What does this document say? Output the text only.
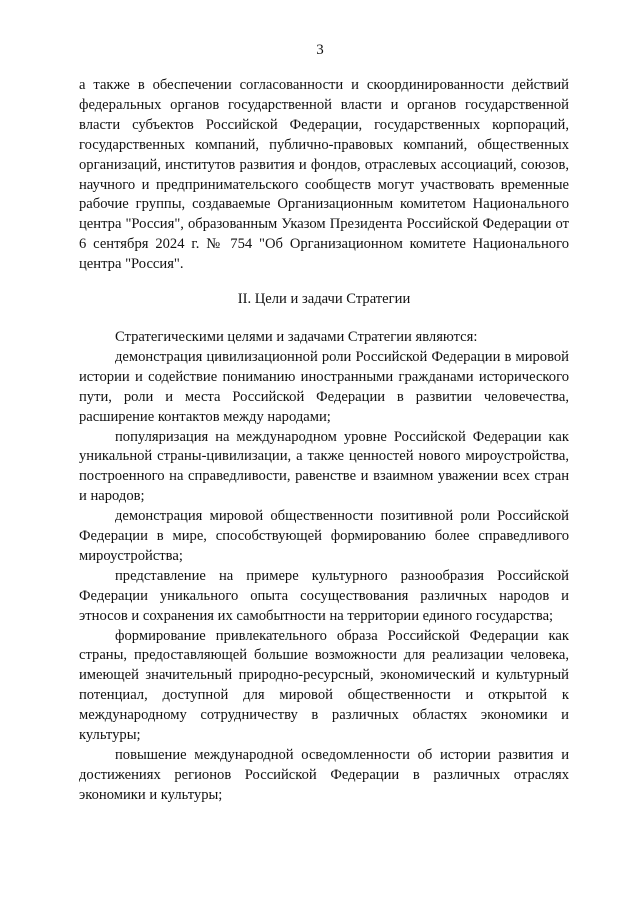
3

а также в обеспечении согласованности и скоординированности действий федеральных органов государственной власти и органов государственной власти субъектов Российской Федерации, государственных корпораций, государственных компаний, публично-правовых компаний, общественных организаций, институтов развития и фондов, отраслевых ассоциаций, союзов, научного и предпринимательского сообществ могут участвовать временные рабочие группы, создаваемые Организационным комитетом Национального центра "Россия", образованным Указом Президента Российской Федерации от 6 сентября 2024 г. № 754 "Об Организационном комитете Национального центра "Россия".

II. Цели и задачи Стратегии

Стратегическими целями и задачами Стратегии являются:

демонстрация цивилизационной роли Российской Федерации в мировой истории и содействие пониманию иностранными гражданами исторического пути, роли и места Российской Федерации в развитии человечества, расширение контактов между народами;

популяризация на международном уровне Российской Федерации как уникальной страны-цивилизации, а также ценностей нового мироустройства, построенного на справедливости, равенстве и взаимном уважении всех стран и народов;

демонстрация мировой общественности позитивной роли Российской Федерации в мире, способствующей формированию более справедливого мироустройства;

представление на примере культурного разнообразия Российской Федерации уникального опыта сосуществования различных народов и этносов и сохранения их самобытности на территории единого государства;

формирование привлекательного образа Российской Федерации как страны, предоставляющей большие возможности для реализации человека, имеющей значительный природно-ресурсный, экономический и культурный потенциал, доступной для мировой общественности и открытой к международному сотрудничеству в различных областях экономики и культуры;

повышение международной осведомленности об истории развития и достижениях регионов Российской Федерации в различных отраслях экономики и культуры;
